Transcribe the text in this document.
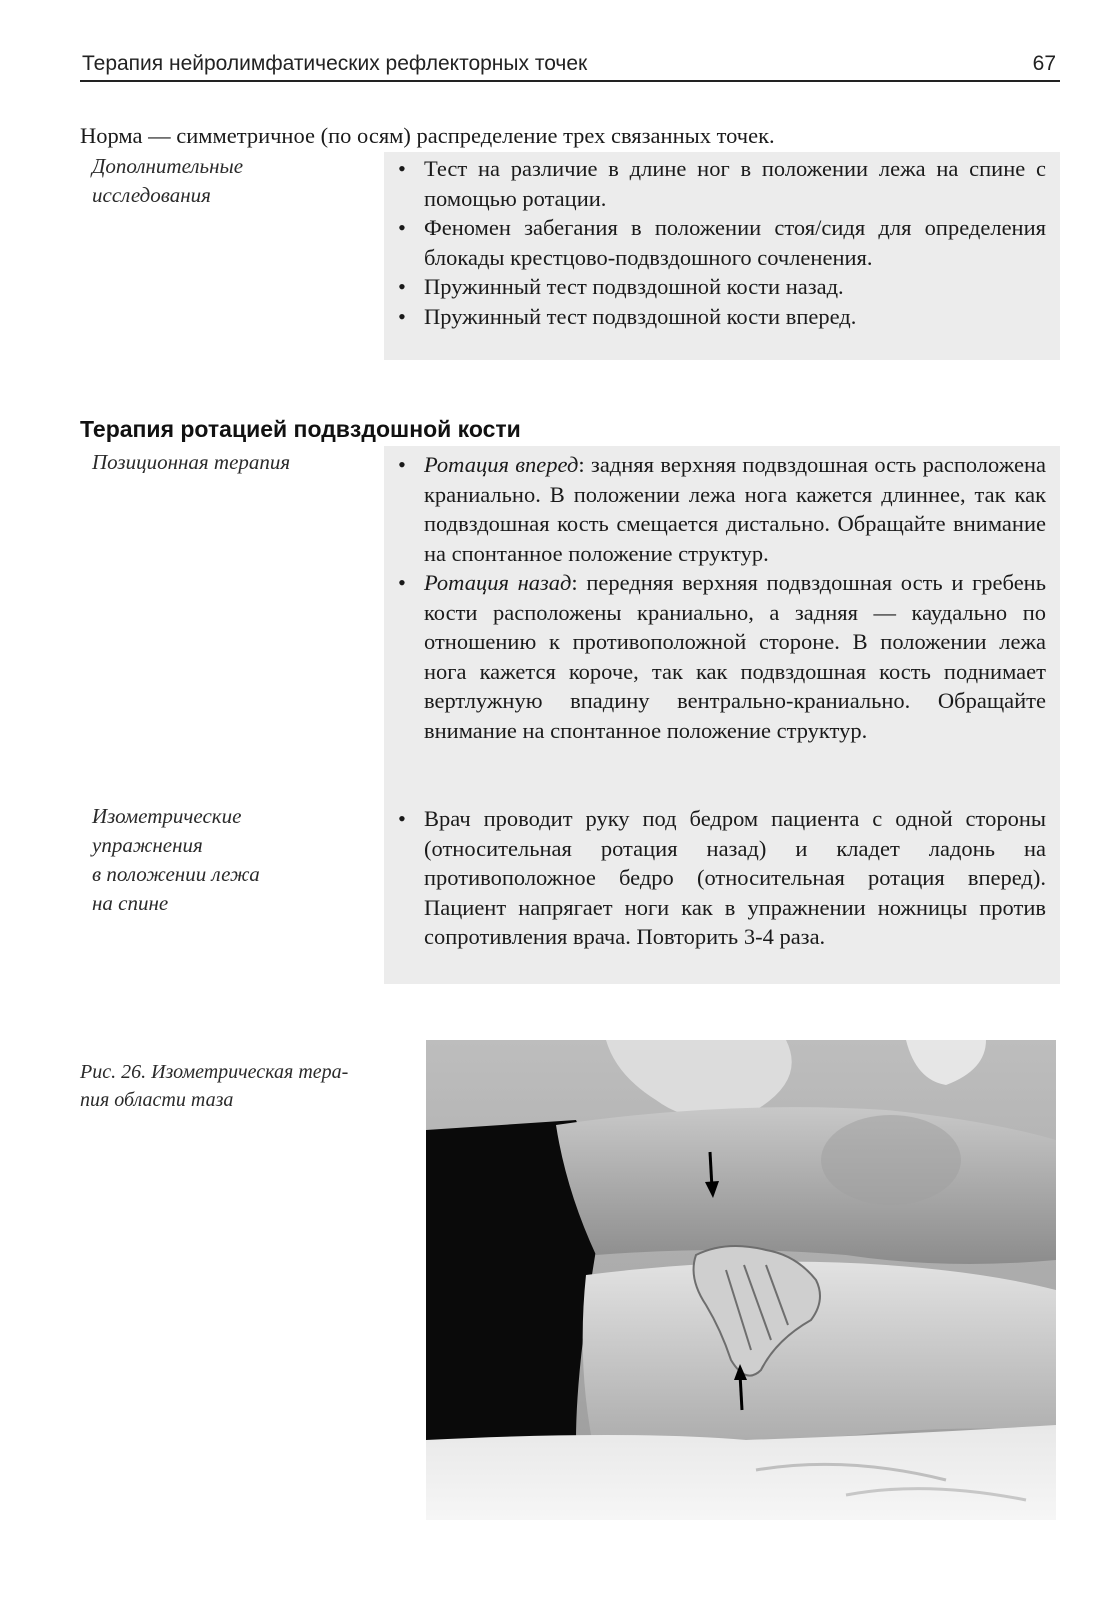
Терапия нейролимфатических рефлекторных точек	67
Норма — симметричное (по осям) распределение трех связанных точек.
Дополнительные
исследования
• Тест на различие в длине ног в положении лежа на спине с помощью ротации.
• Феномен забегания в положении стоя/сидя для определения блокады крестцово-подвздошного сочленения.
• Пружинный тест подвздошной кости назад.
• Пружинный тест подвздошной кости вперед.
Терапия ротацией подвздошной кости
Позиционная терапия
•	Ротация вперед: задняя верхняя подвздошная ость расположена краниально. В положении лежа нога кажется длиннее, так как подвздошная кость смещается дистально. Обращайте внимание на спонтанное положение структур.
• Ротация назад: передняя верхняя подвздошная ость и гребень кости расположены краниально, а задняя — каудально по отношению к противоположной стороне. В положении лежа нога кажется короче, так как подвздошная кость поднимает вертлужную впадину вентрально-краниально. Обращайте внимание на спонтанное положение структур.
Изометрические
упражнения
в положении лежа
на спине
• Врач проводит руку под бедром пациента с одной стороны (относительная ротация назад) и кладет ладонь на противоположное бедро (относительная ротация вперед). Пациент напрягает ноги как в упражнении ножницы против сопротивления врача. Повторить 3-4 раза.
Рис. 26. Изометрическая тера-
пия области таза
